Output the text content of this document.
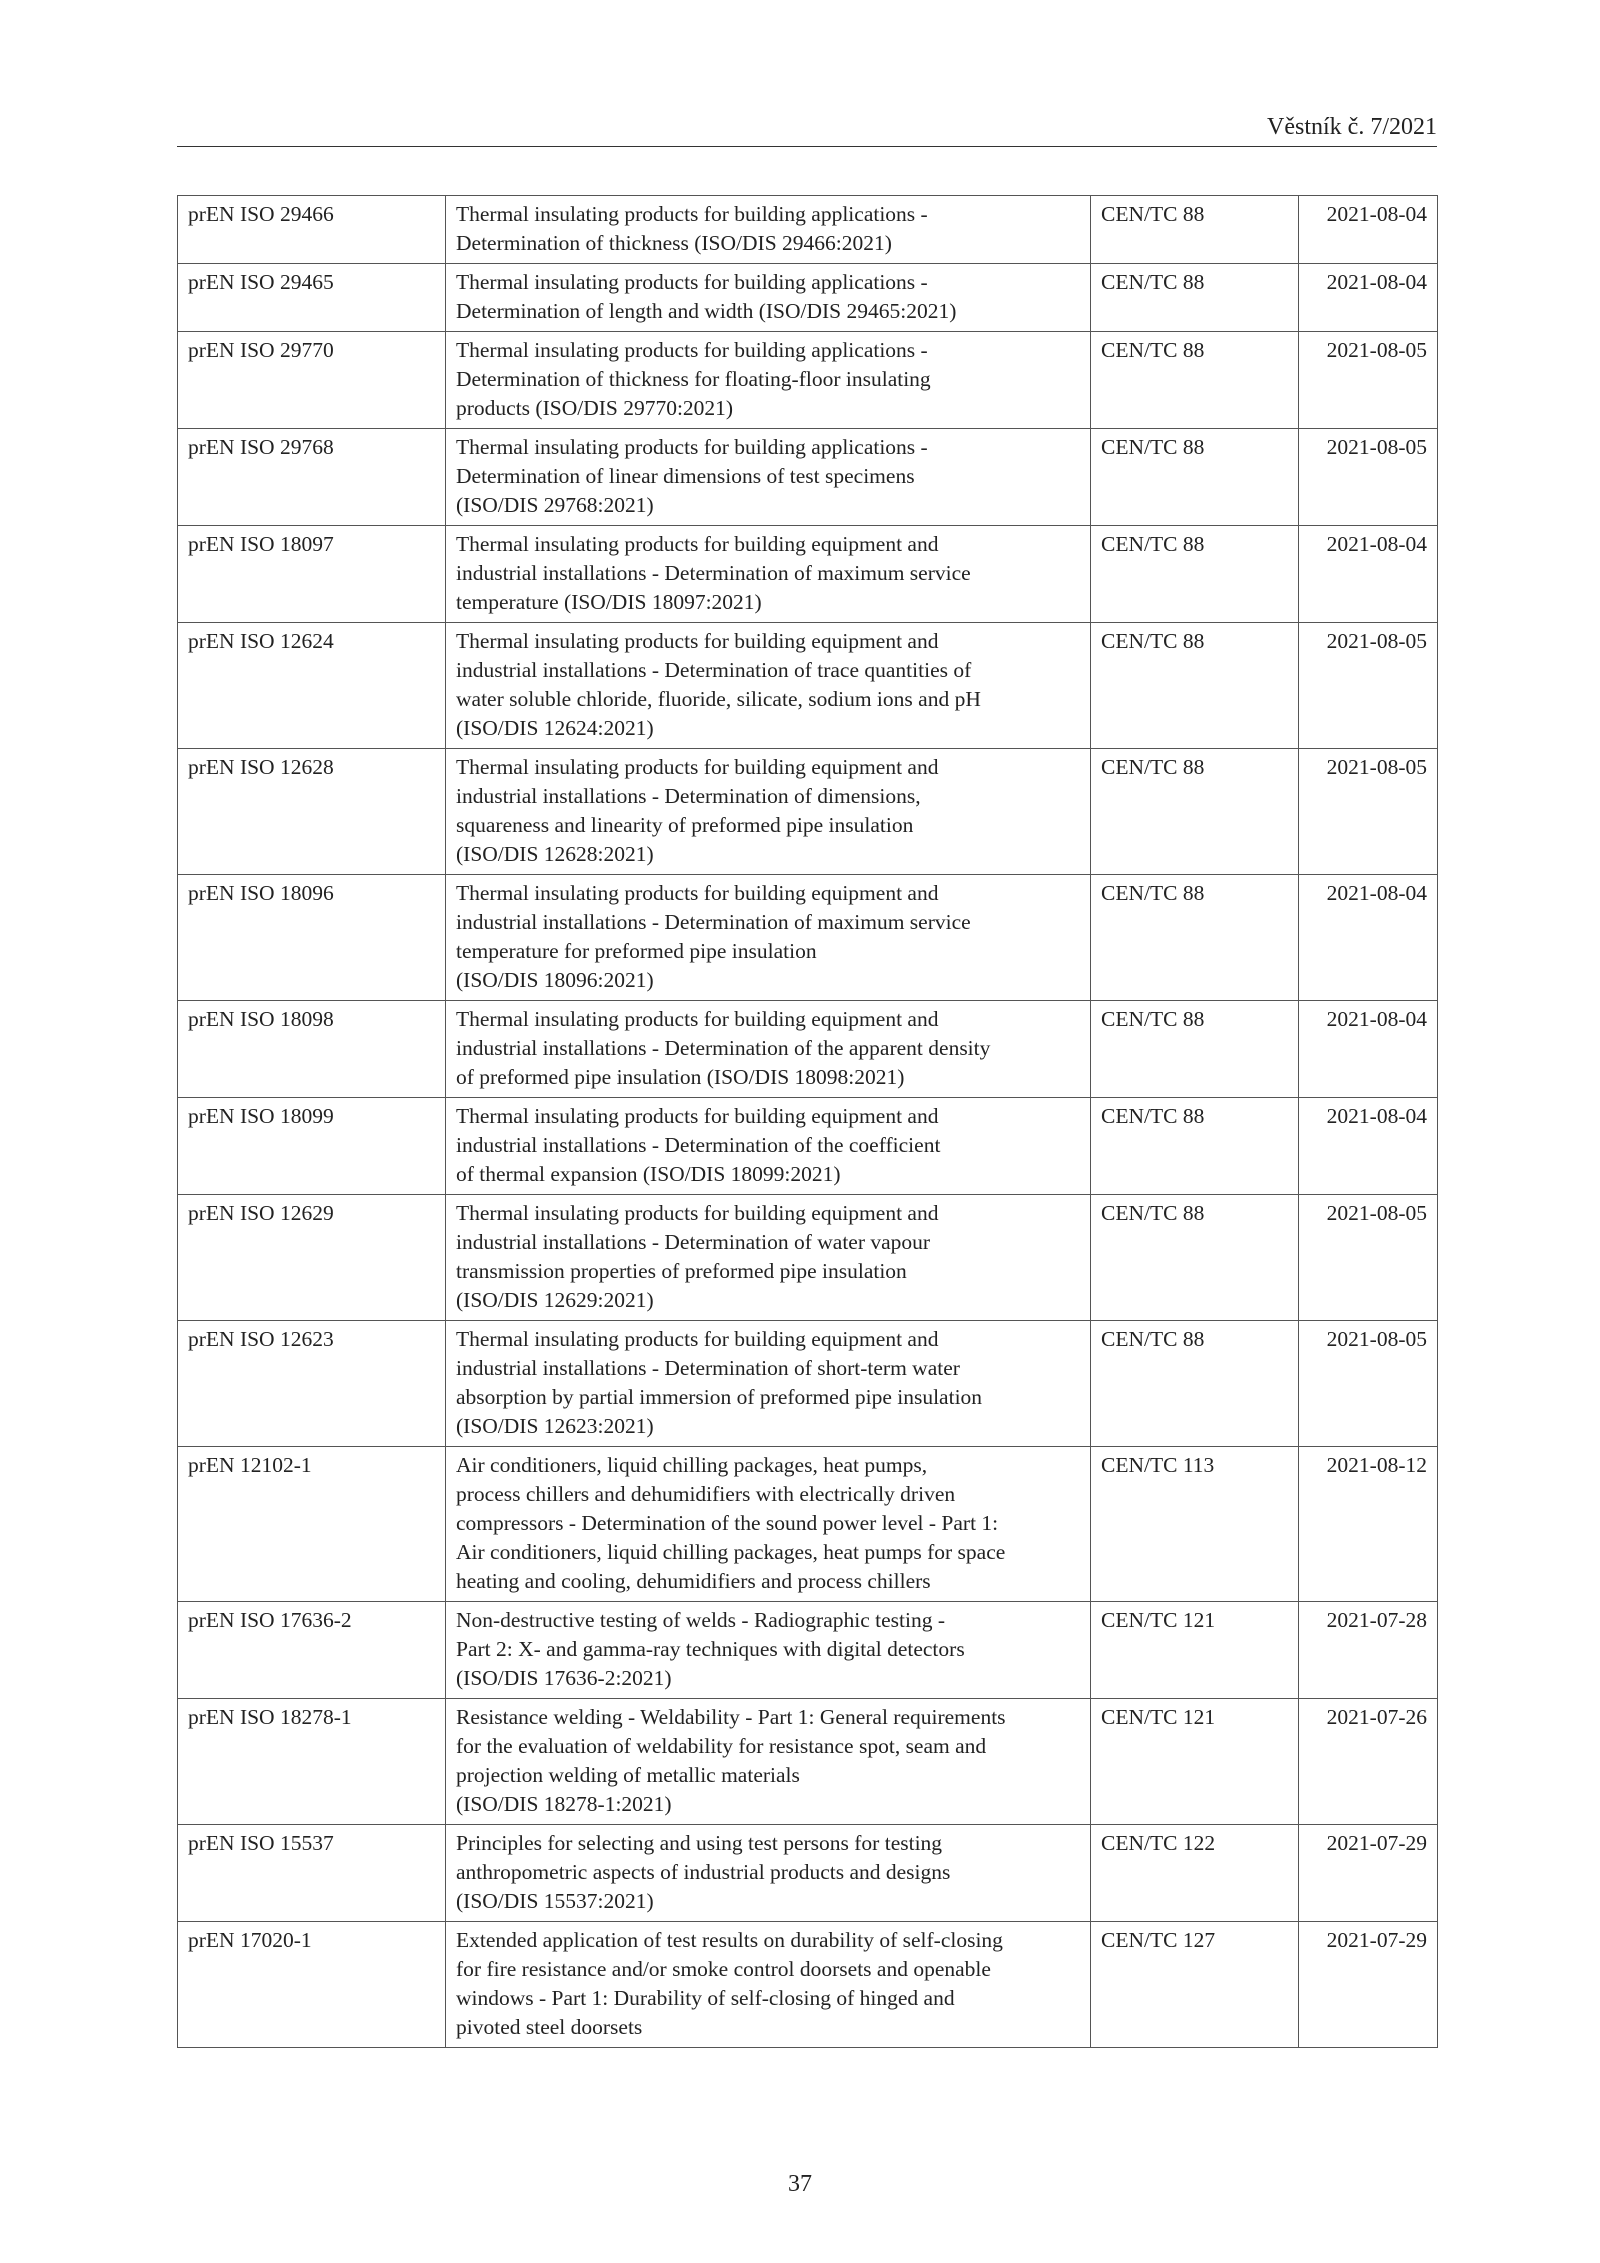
Věstník č. 7/2021
prEN ISO 29466	Thermal insulating products for building applications -
Determination of thickness (ISO/DIS 29466:2021)	CEN/TC 88	2021-08-04
prEN ISO 29465	Thermal insulating products for building applications -
Determination of length and width (ISO/DIS 29465:2021)	CEN/TC 88	2021-08-04
prEN ISO 29770	Thermal insulating products for building applications -
Determination of thickness for floating-floor insulating
products (ISO/DIS 29770:2021)	CEN/TC 88	2021-08-05
prEN ISO 29768	Thermal insulating products for building applications -
Determination of linear dimensions of test specimens
(ISO/DIS 29768:2021)	CEN/TC 88	2021-08-05
prEN ISO 18097	Thermal insulating products for building equipment and
industrial installations - Determination of maximum service
temperature (ISO/DIS 18097:2021)	CEN/TC 88	2021-08-04
prEN ISO 12624	Thermal insulating products for building equipment and
industrial installations - Determination of trace quantities of
water soluble chloride, fluoride, silicate, sodium ions and pH
(ISO/DIS 12624:2021)	CEN/TC 88	2021-08-05
prEN ISO 12628	Thermal insulating products for building equipment and
industrial installations - Determination of dimensions,
squareness and linearity of preformed pipe insulation
(ISO/DIS 12628:2021)	CEN/TC 88	2021-08-05
prEN ISO 18096	Thermal insulating products for building equipment and
industrial installations - Determination of maximum service
temperature for preformed pipe insulation
(ISO/DIS 18096:2021)	CEN/TC 88	2021-08-04
prEN ISO 18098	Thermal insulating products for building equipment and
industrial installations - Determination of the apparent density
of preformed pipe insulation (ISO/DIS 18098:2021)	CEN/TC 88	2021-08-04
prEN ISO 18099	Thermal insulating products for building equipment and
industrial installations - Determination of the coefficient
of thermal expansion (ISO/DIS 18099:2021)	CEN/TC 88	2021-08-04
prEN ISO 12629	Thermal insulating products for building equipment and
industrial installations - Determination of water vapour
transmission properties of preformed pipe insulation
(ISO/DIS 12629:2021)	CEN/TC 88	2021-08-05
prEN ISO 12623	Thermal insulating products for building equipment and
industrial installations - Determination of short-term water
absorption by partial immersion of preformed pipe insulation
(ISO/DIS 12623:2021)	CEN/TC 88	2021-08-05
prEN 12102-1	Air conditioners, liquid chilling packages, heat pumps,
process chillers and dehumidifiers with electrically driven
compressors - Determination of the sound power level - Part 1:
Air conditioners, liquid chilling packages, heat pumps for space
heating and cooling, dehumidifiers and process chillers	CEN/TC 113	2021-08-12
prEN ISO 17636-2	Non-destructive testing of welds - Radiographic testing -
Part 2: X- and gamma-ray techniques with digital detectors
(ISO/DIS 17636-2:2021)	CEN/TC 121	2021-07-28
prEN ISO 18278-1	Resistance welding - Weldability - Part 1: General requirements
for the evaluation of weldability for resistance spot, seam and
projection welding of metallic materials
(ISO/DIS 18278-1:2021)	CEN/TC 121	2021-07-26
prEN ISO 15537	Principles for selecting and using test persons for testing
anthropometric aspects of industrial products and designs
(ISO/DIS 15537:2021)	CEN/TC 122	2021-07-29
prEN 17020-1	Extended application of test results on durability of self-closing
for fire resistance and/or smoke control doorsets and openable
windows - Part 1: Durability of self-closing of hinged and
pivoted steel doorsets	CEN/TC 127	2021-07-29
37
